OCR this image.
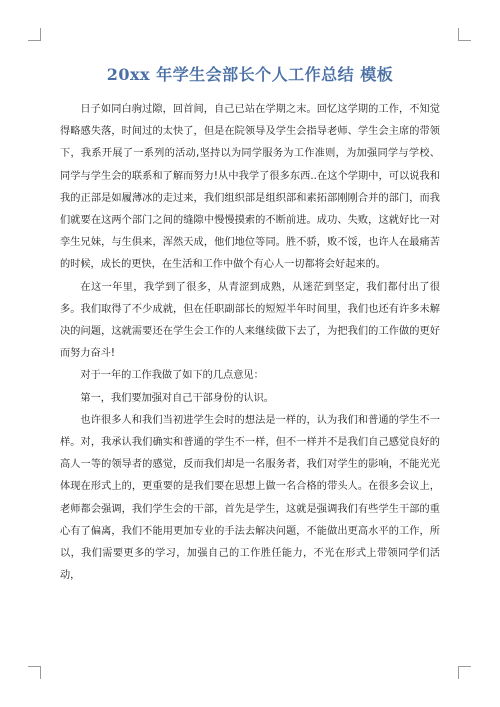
20xx 年学生会部长个人工作总结 模板

日子如同白驹过隙，回首间，自己已站在学期之末。回忆这学期的工作，不知觉得略感失落，时间过的太快了，但是在院领导及学生会指导老师、学生会主席的带领下，我系开展了一系列的活动,坚持以为同学服务为工作准则，为加强同学与学校、同学与学生会的联系和了解而努力!从中我学了很多东西..在这个学期中，可以说我和我的正部是如履薄冰的走过来，我们组织部是组织部和素拓部刚刚合并的部门，而我们就要在这两个部门之间的缝隙中慢慢摸索的不断前进。成功、失败，这就好比一对孪生兄妹，与生俱来，浑然天成，他们地位等同。胜不骄，败不馁，也许人在最痛苦的时候，成长的更快，在生活和工作中做个有心人一切都将会好起来的。

在这一年里，我学到了很多，从青涩到成熟，从迷茫到坚定，我们都付出了很多。我们取得了不少成就，但在任职副部长的短短半年时间里，我们也还有许多未解决的问题，这就需要还在学生会工作的人来继续做下去了，为把我们的工作做的更好而努力奋斗!

对于一年的工作我做了如下的几点意见：

第一，我们要加强对自己干部身份的认识。

也许很多人和我们当初进学生会时的想法是一样的，认为我们和普通的学生不一样。对，我承认我们确实和普通的学生不一样，但不一样并不是我们自己感觉良好的高人一等的领导者的感觉，反而我们却是一名服务者，我们对学生的影响，不能光光体现在形式上的，更重要的是我们要在思想上做一名合格的带头人。在很多会议上，老师都会强调，我们学生会的干部，首先是学生，这就是强调我们有些学生干部的重心有了偏离，我们不能用更加专业的手法去解决问题，不能做出更高水平的工作，所以，我们需要更多的学习，加强自己的工作胜任能力，不光在形式上带领同学们活动，
